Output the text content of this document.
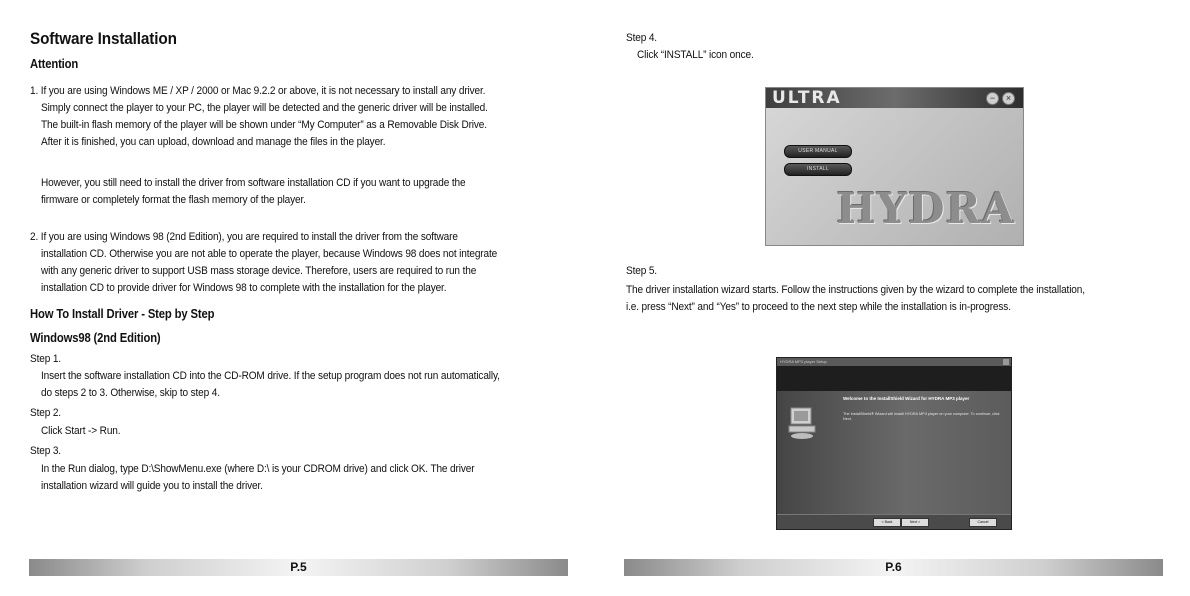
Software Installation
Attention
1. If you are using Windows ME / XP / 2000 or Mac 9.2.2 or above, it is not necessary to install any driver.
Simply connect the player to your PC, the player will be detected and the generic driver will be installed.
The built-in flash memory of the player will be shown under “My Computer” as a Removable Disk Drive.
After it is finished, you can upload, download and manage the files in the player.
However, you still need to install the driver from software installation CD if you want to upgrade the
firmware or completely format the flash memory of the player.
2. If you are using Windows 98 (2nd Edition), you are required to install the driver from the software
installation CD. Otherwise you are not able to operate the player, because Windows 98 does not integrate
with any generic driver to support USB mass storage device. Therefore, users are required to run the
installation CD to provide driver for Windows 98 to complete with the installation for the player.
How To Install Driver - Step by Step
Windows98 (2nd Edition)
Step 1.
Insert the software installation CD into the CD-ROM drive. If the setup program does not run automatically,
do steps 2 to 3. Otherwise, skip to step 4.
Step 2.
Click Start -> Run.
Step 3.
In the Run dialog, type D:\ShowMenu.exe (where D:\ is your CDROM drive) and click OK. The driver
installation wizard will guide you to install the driver.
P.5
Step 4.
Click “INSTALL” icon once.
ULTRA	−	×
USER MANUAL
INSTALL
HYDRA
Step 5.
The driver installation wizard starts. Follow the instructions given by the wizard to complete the installation,
i.e. press “Next” and “Yes” to proceed to the next step while the installation is in-progress.
HYDRA MP3 player Setup
Welcome to the InstallShield Wizard for HYDRA MP3 player
The InstallShield® Wizard will install HYDRA MP3 player on your computer. To continue, click Next.
< Back	Next >	Cancel
P.6
